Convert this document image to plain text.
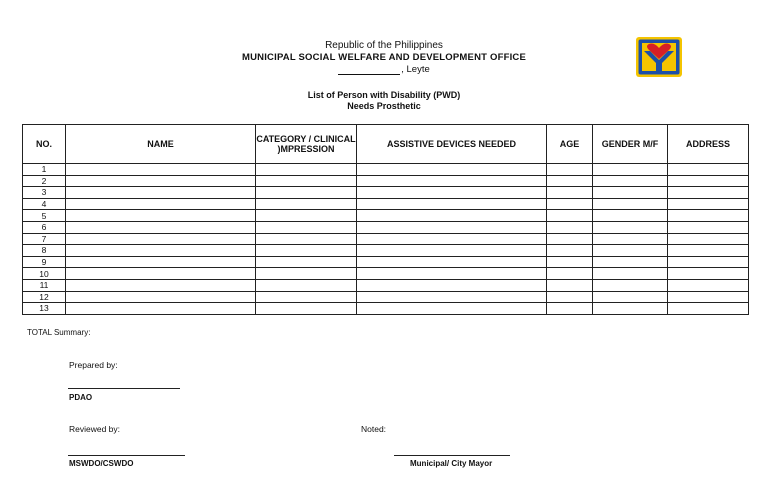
Republic of the Philippines
MUNICIPAL SOCIAL WELFARE AND DEVELOPMENT OFFICE
, Leyte
List of Person with Disability (PWD)
Needs Prosthetic
NO.	NAME	CATEGORY / CLINICAL )MPRESSION	ASSISTIVE DEVICES NEEDED	AGE	GENDER M/F	ADDRESS
1						
2						
3						
4						
5						
6						
7						
8						
9						
10						
11						
12						
13						
TOTAL Summary:
Prepared by:
PDAO
Reviewed by:	Noted:
MSWDO/CSWDO	Municipal/ City Mayor
